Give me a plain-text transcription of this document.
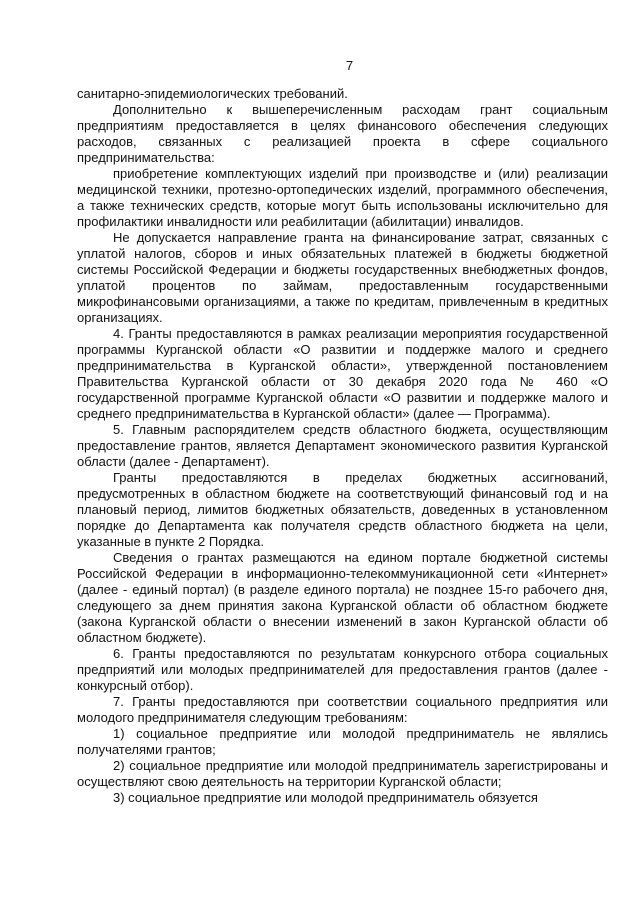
7

санитарно-эпидемиологических требований.

Дополнительно к вышеперечисленным расходам грант социальным предприятиям предоставляется в целях финансового обеспечения следующих расходов, связанных с реализацией проекта в сфере социального предпринимательства:

приобретение комплектующих изделий при производстве и (или) реализации медицинской техники, протезно-ортопедических изделий, программного обеспечения, а также технических средств, которые могут быть использованы исключительно для профилактики инвалидности или реабилитации (абилитации) инвалидов.

Не допускается направление гранта на финансирование затрат, связанных с уплатой налогов, сборов и иных обязательных платежей в бюджеты бюджетной системы Российской Федерации и бюджеты государственных внебюджетных фондов, уплатой процентов по займам, предоставленным государственными микрофинансовыми организациями, а также по кредитам, привлеченным в кредитных организациях.

4. Гранты предоставляются в рамках реализации мероприятия государственной программы Курганской области «О развитии и поддержке малого и среднего предпринимательства в Курганской области», утвержденной постановлением Правительства Курганской области от 30 декабря 2020 года № 460 «О государственной программе Курганской области «О развитии и поддержке малого и среднего предпринимательства в Курганской области» (далее — Программа).

5. Главным распорядителем средств областного бюджета, осуществляющим предоставление грантов, является Департамент экономического развития Курганской области (далее - Департамент).

Гранты предоставляются в пределах бюджетных ассигнований, предусмотренных в областном бюджете на соответствующий финансовый год и на плановый период, лимитов бюджетных обязательств, доведенных в установленном порядке до Департамента как получателя средств областного бюджета на цели, указанные в пункте 2 Порядка.

Сведения о грантах размещаются на едином портале бюджетной системы Российской Федерации в информационно-телекоммуникационной сети «Интернет» (далее - единый портал) (в разделе единого портала) не позднее 15-го рабочего дня, следующего за днем принятия закона Курганской области об областном бюджете (закона Курганской области о внесении изменений в закон Курганской области об областном бюджете).

6. Гранты предоставляются по результатам конкурсного отбора социальных предприятий или молодых предпринимателей для предоставления грантов (далее - конкурсный отбор).

7. Гранты предоставляются при соответствии социального предприятия или молодого предпринимателя следующим требованиям:

1) социальное предприятие или молодой предприниматель не являлись получателями грантов;

2) социальное предприятие или молодой предприниматель зарегистрированы и осуществляют свою деятельность на территории Курганской области;

3) социальное предприятие или молодой предприниматель обязуется
